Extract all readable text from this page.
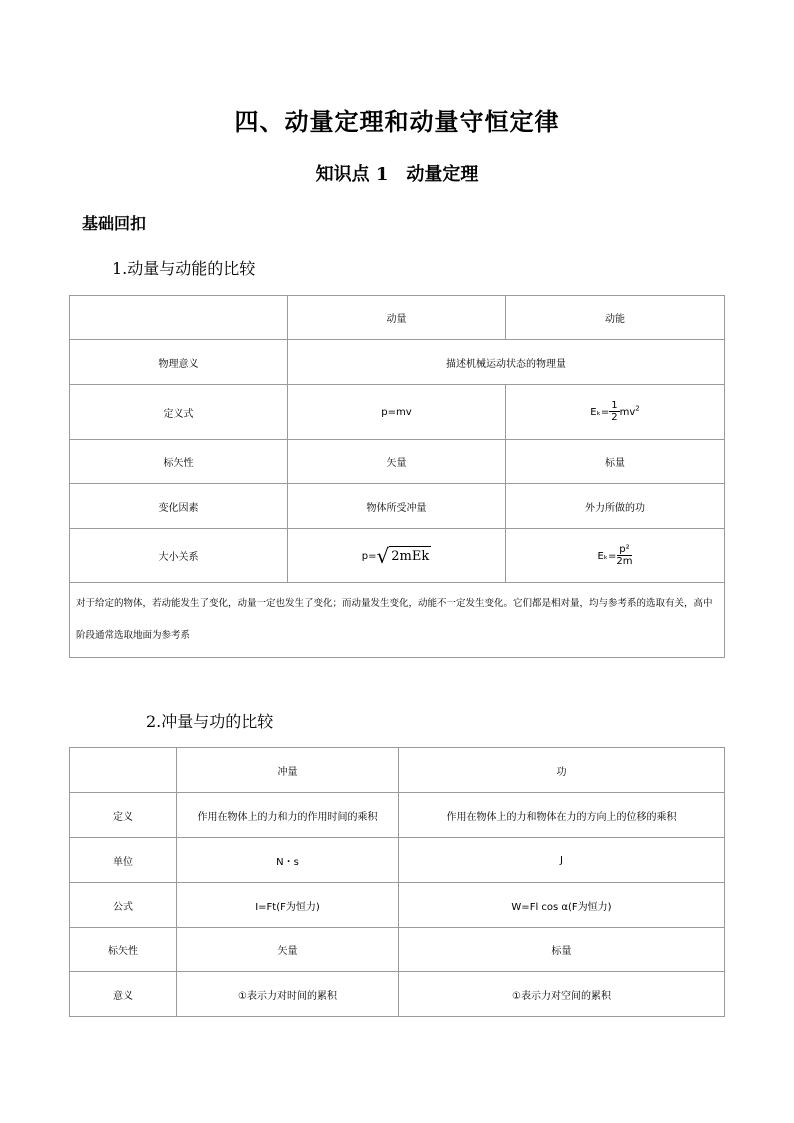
四、动量定理和动量守恒定律
知识点 1　动量定理
基础回扣
1.动量与动能的比较
	动量	动能
物理意义	描述机械运动状态的物理量	
定义式	p=mv	$E_k= \frac{1}{2} mv^2$
标矢性	矢量	标量
变化因素	物体所受冲量	外力所做的功
大小关系	p= √ 2mEk	$E_k= \frac{\text{p²}}{2m}$

对于给定的物体，若动能发生了变化，动量一定也发生了变化；而动量发生变化，动能不一定发生变化。它们都是相对量，均与参考系的选取有关，高中阶段通常选取地面为参考系		
2.冲量与功的比较
	冲量	功
定义	作用在物体上的力和力的作用时间的乘积	作用在物体上的力和物体在力的方向上的位移的乘积
单位	N・s	J
公式	I=Ft(F为恒力)	W=Fl cos α(F为恒力)
标矢性	矢量	标量
意义	①表示力对时间的累积	①表示力对空间的累积
